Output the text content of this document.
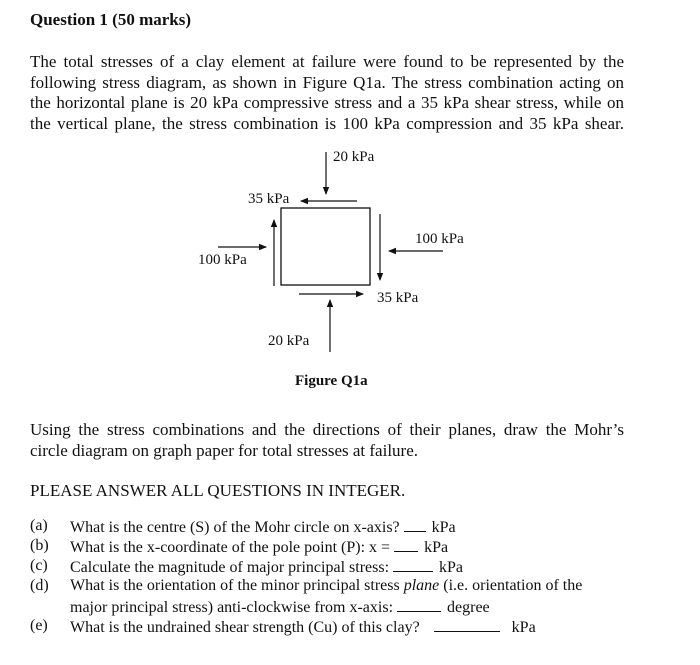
Question 1 (50 marks)
The total stresses of a clay element at failure were found to be represented by the
following stress diagram, as shown in Figure Q1a. The stress combination acting on
the horizontal plane is 20 kPa compressive stress and a 35 kPa shear stress, while on
the vertical plane, the stress combination is 100 kPa compression and 35 kPa shear.
20 kPa
35 kPa
100 kPa
100 kPa
35 kPa
20 kPa
Figure Q1a
Using the stress combinations and the directions of their planes, draw the Mohr’s
circle diagram on graph paper for total stresses at failure.
PLEASE ANSWER ALL QUESTIONS IN INTEGER.
(a) What is the centre (S) of the Mohr circle on x-axis? kPa
(b) What is the x-coordinate of the pole point (P): x = kPa
(c) Calculate the magnitude of major principal stress:	kPa
(d) What is the orientation of the minor principal stress plane (i.e. orientation of the
major principal stress) anti-clockwise from x-axis:	degree
(e) What is the undrained shear strength (Cu) of this clay?	kPa
